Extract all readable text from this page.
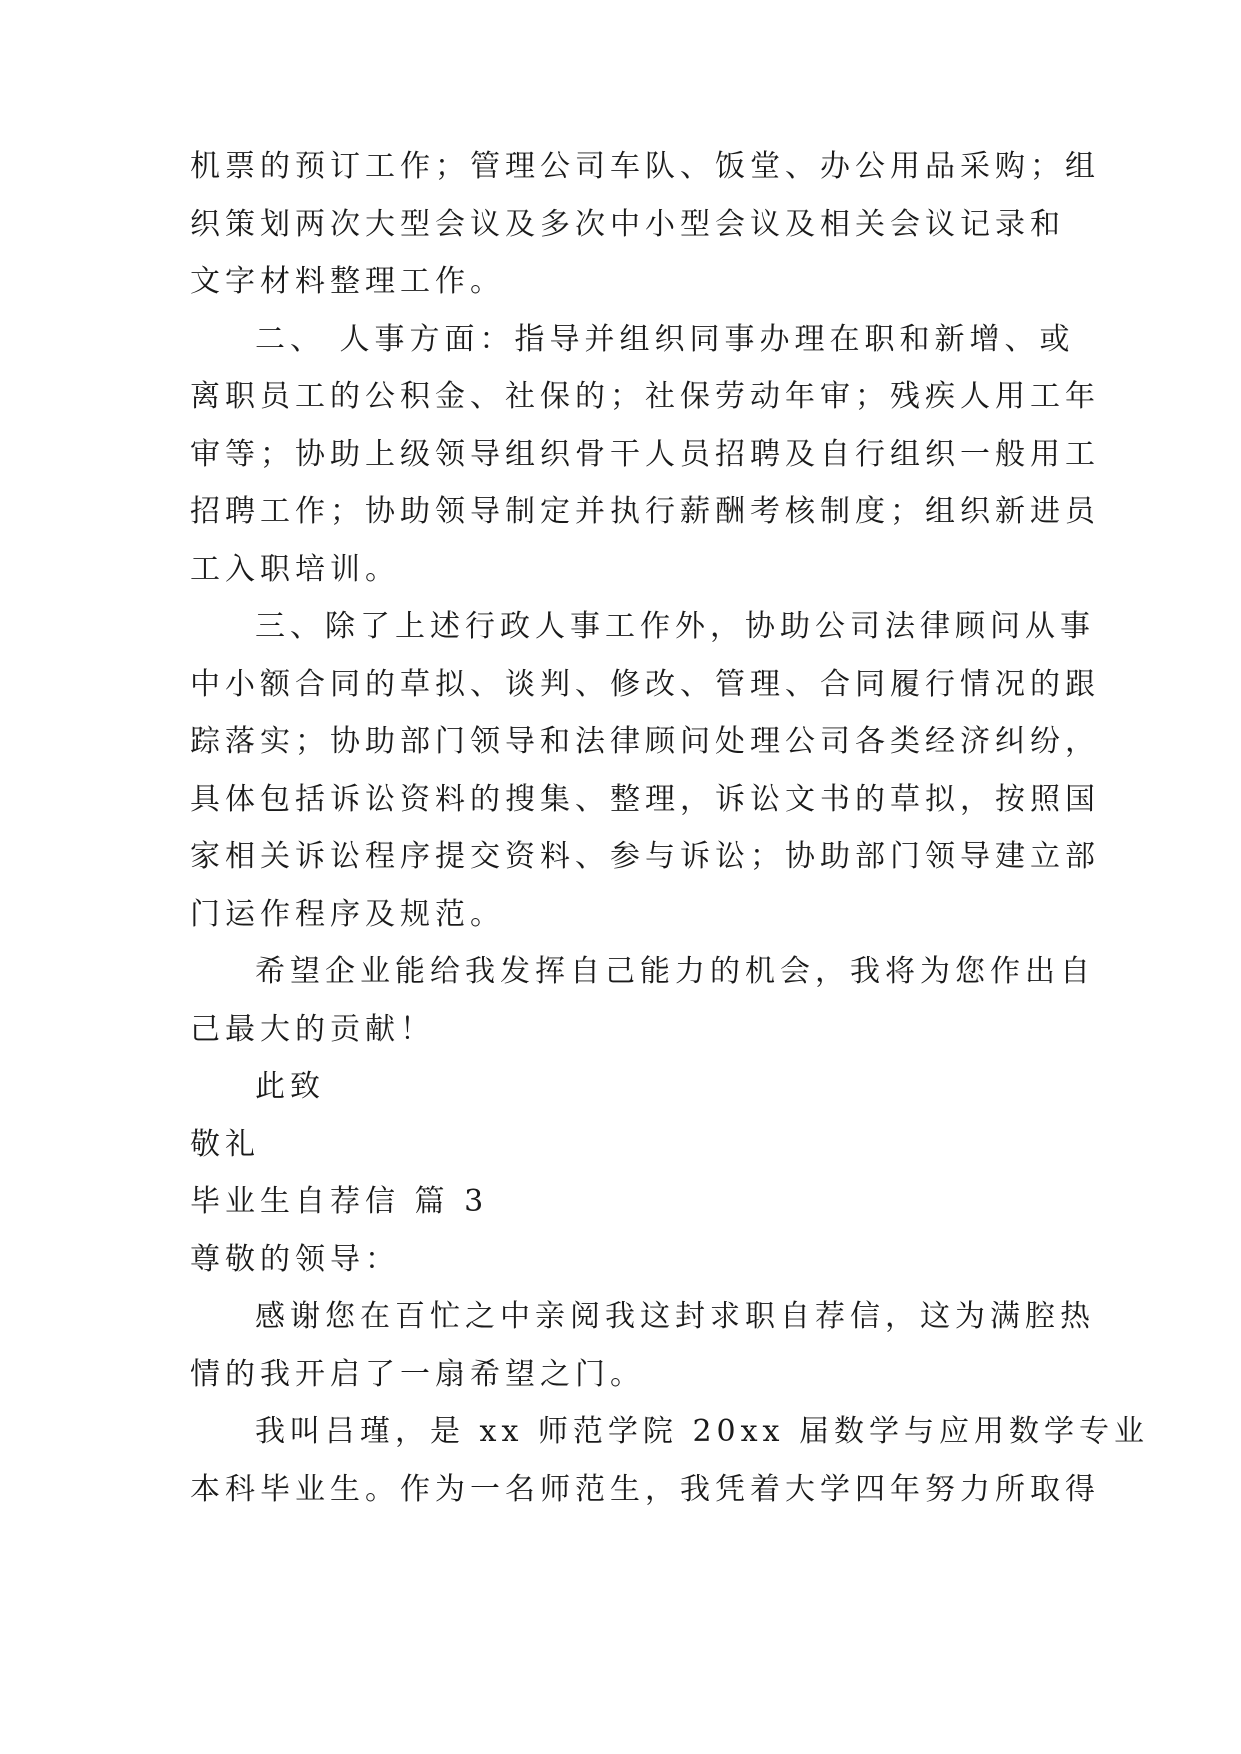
机票的预订工作；管理公司车队、饭堂、办公用品采购；组
织策划两次大型会议及多次中小型会议及相关会议记录和
文字材料整理工作。
二、 人事方面：指导并组织同事办理在职和新增、或
离职员工的公积金、社保的；社保劳动年审；残疾人用工年
审等；协助上级领导组织骨干人员招聘及自行组织一般用工
招聘工作；协助领导制定并执行薪酬考核制度；组织新进员
工入职培训。
三、除了上述行政人事工作外，协助公司法律顾问从事
中小额合同的草拟、谈判、修改、管理、合同履行情况的跟
踪落实；协助部门领导和法律顾问处理公司各类经济纠纷，
具体包括诉讼资料的搜集、整理，诉讼文书的草拟，按照国
家相关诉讼程序提交资料、参与诉讼；协助部门领导建立部
门运作程序及规范。
希望企业能给我发挥自己能力的机会，我将为您作出自
己最大的贡献！
此致
敬礼
毕业生自荐信 篇 3
尊敬的领导：
感谢您在百忙之中亲阅我这封求职自荐信，这为满腔热
情的我开启了一扇希望之门。
我叫吕瑾，是 xx 师范学院 20xx 届数学与应用数学专业
本科毕业生。作为一名师范生，我凭着大学四年努力所取得
